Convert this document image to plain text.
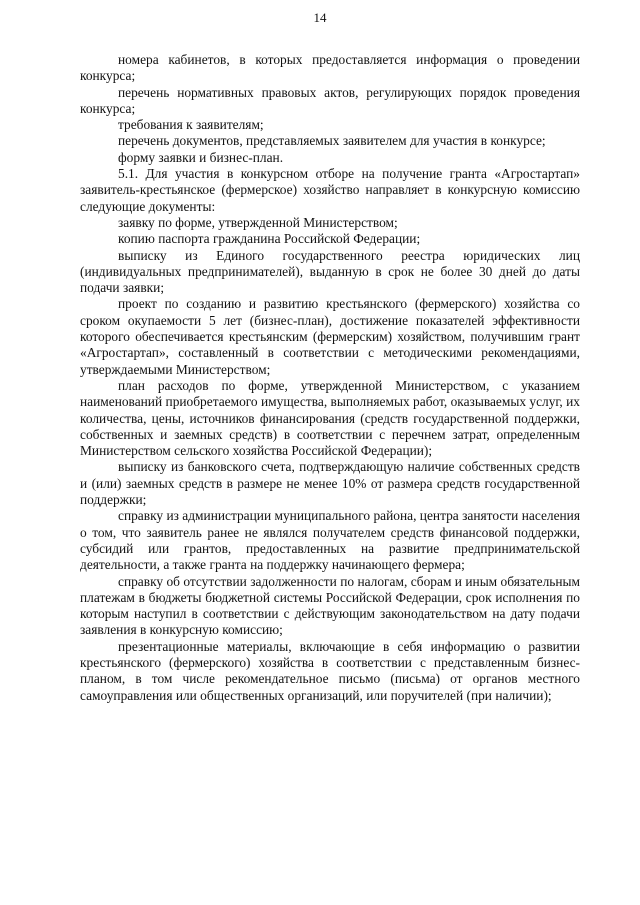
14

номера кабинетов, в которых предоставляется информация о проведении конкурса;

перечень нормативных правовых актов, регулирующих порядок проведения конкурса;

требования к заявителям;

перечень документов, представляемых заявителем для участия в конкурсе;

форму заявки и бизнес-план.

5.1. Для участия в конкурсном отборе на получение гранта «Агростартап» заявитель-крестьянское (фермерское) хозяйство направляет в конкурсную комиссию следующие документы:

заявку по форме, утвержденной Министерством;

копию паспорта гражданина Российской Федерации;

выписку из Единого государственного реестра юридических лиц (индивидуальных предпринимателей), выданную в срок не более 30 дней до даты подачи заявки;

проект по созданию и развитию крестьянского (фермерского) хозяйства со сроком окупаемости 5 лет (бизнес-план), достижение показателей эффективности которого обеспечивается крестьянским (фермерским) хозяйством, получившим грант «Агростартап», составленный в соответствии с методическими рекомендациями, утверждаемыми Министерством;

план расходов по форме, утвержденной Министерством, с указанием наименований приобретаемого имущества, выполняемых работ, оказываемых услуг, их количества, цены, источников финансирования (средств государственной поддержки, собственных и заемных средств) в соответствии с перечнем затрат, определенным Министерством сельского хозяйства Российской Федерации);

выписку из банковского счета, подтверждающую наличие собственных средств и (или) заемных средств в размере не менее 10% от размера средств государственной поддержки;

справку из администрации муниципального района, центра занятости населения о том, что заявитель ранее не являлся получателем средств финансовой поддержки, субсидий или грантов, предоставленных на развитие предпринимательской деятельности, а также гранта на поддержку начинающего фермера;

справку об отсутствии задолженности по налогам, сборам и иным обязательным платежам в бюджеты бюджетной системы Российской Федерации, срок исполнения по которым наступил в соответствии с действующим законодательством на дату подачи заявления в конкурсную комиссию;

презентационные материалы, включающие в себя информацию о развитии крестьянского (фермерского) хозяйства в соответствии с представленным бизнес-планом, в том числе рекомендательное письмо (письма) от органов местного самоуправления или общественных организаций, или поручителей (при наличии);
